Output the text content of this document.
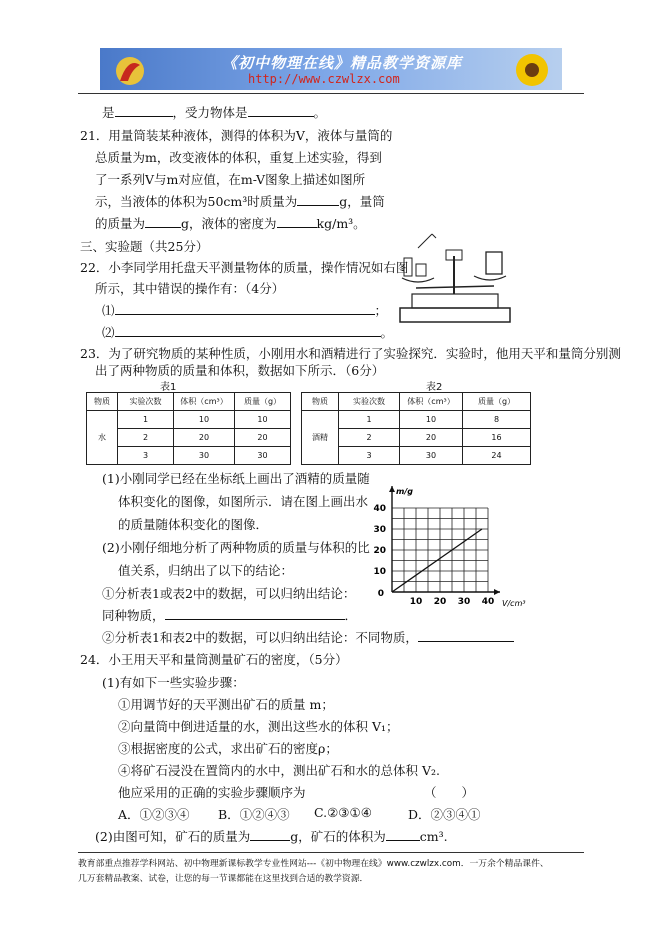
《初中物理在线》精品教学资源库
http://www.czwlzx.com
是	，受力物体是	。
21．用量筒装某种液体，测得的体积为V，液体与量筒的
总质量为m，改变液体的体积，重复上述实验，得到
了一系列V与m对应值，在m-V图象上描述如图所
示，当液体的体积为50cm³时质量为	g，量筒
的质量为	g，液体的密度为	kg/m³。
三、实验题（共25分）
22．小李同学用托盘天平测量物体的质量，操作情况如右图
所示，其中错误的操作有：（4分）
⑴	；
⑵	。
23．为了研究物质的某种性质，小刚用水和酒精进行了实验探究．实验时，他用天平和量筒分别测
出了两种物质的质量和体积，数据如下所示．（6分）
表1	表2
物质	实验次数	体积（cm³）	质量（g）
水	1	10	10
	2	20	20
	3	30	30
物质	实验次数	体积（cm³）	质量（g）
酒精	1	10	8
	2	20	16
	3	30	24
(1)小刚同学已经在坐标纸上画出了酒精的质量随
体积变化的图像，如图所示．请在图上画出水
的质量随体积变化的图像．
(2)小刚仔细地分析了两种物质的质量与体积的比
值关系，归纳出了以下的结论：
①分析表1或表2中的数据，可以归纳出结论：
同种物质，	．
②分析表1和表2中的数据，可以归纳出结论：不同物质，
10 20 30 40
10
20
30
40
0
V/cm³
m/g
24．小王用天平和量筒测量矿石的密度，（5分）
(1)有如下一些实验步骤：
①用调节好的天平测出矿石的质量 m；
②向量筒中倒进适量的水，测出这些水的体积 V₁；
③根据密度的公式，求出矿石的密度ρ；
④将矿石浸没在置筒内的水中，测出矿石和水的总体积 V₂.
他应采用的正确的实验步骤顺序为	（　　）
A．①②③④ B．①②④③ C.②③①④	D．②③④①
(2)由图可知，矿石的质量为	g，矿石的体积为	cm³.
教育部重点推荐学科网站、初中物理新课标教学专业性网站---《初中物理在线》www.czwlzx.com．一万余个精品课件、
几万套精品教案、试卷，让您的每一节课都能在这里找到合适的教学资源．
